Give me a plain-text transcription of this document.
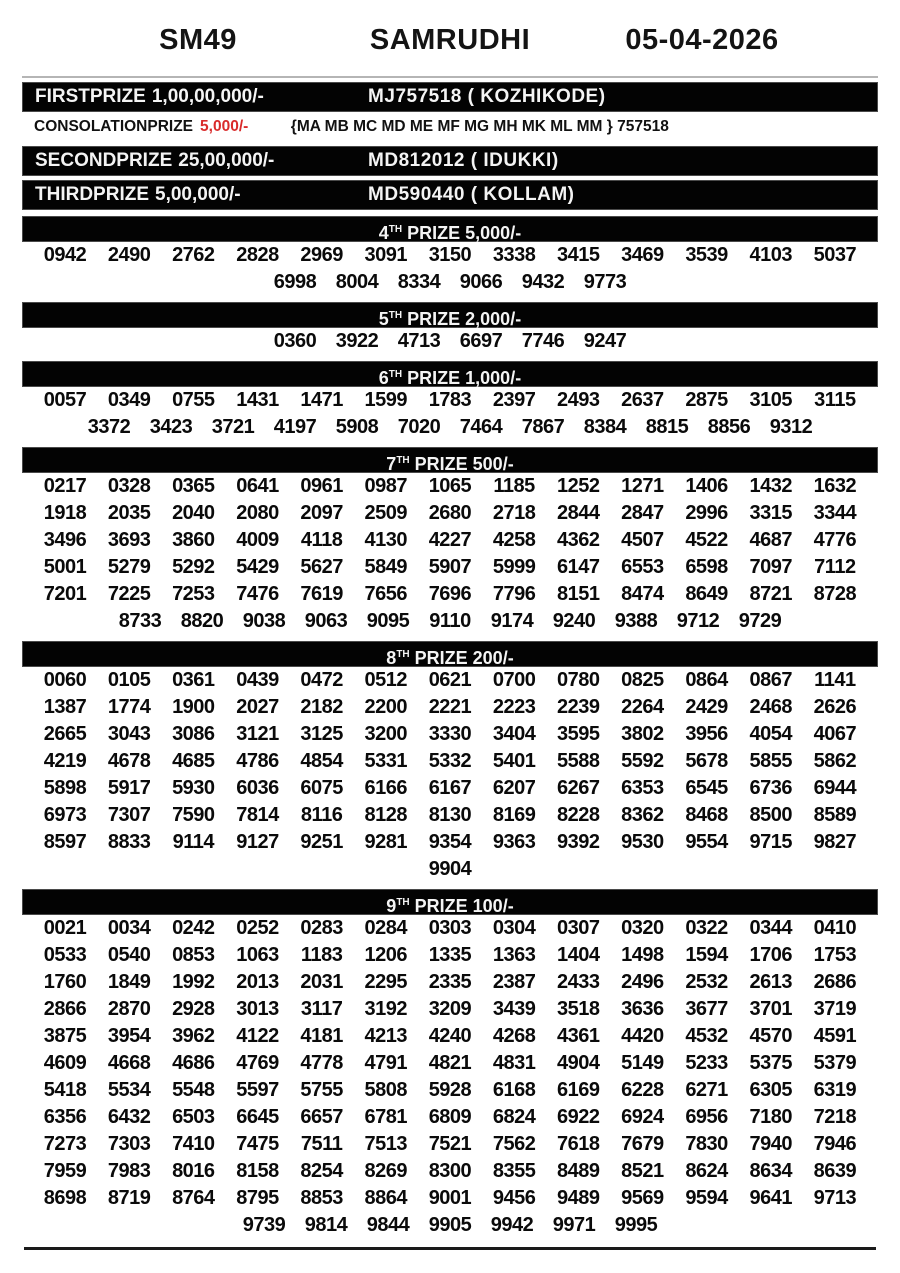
SM49	SAMRUDHI	05-04-2026
FIRSTPRIZE 1,00,00,000/-	MJ757518 ( KOZHIKODE)
CONSOLATIONPRIZE 5,000/-	{MA MB MC MD ME MF MG MH MK ML MM } 757518
SECONDPRIZE 25,00,000/-	MD812012 ( IDUKKI)
THIRDPRIZE 5,00,000/-	MD590440 ( KOLLAM)
4TH PRIZE 5,000/-
0942	2490	2762	2828	2969	3091	3150	3338	3415	3469	3539	4103	5037
6998 8004 8334 9066 9432 9773
5TH PRIZE 2,000/-
0360 3922 4713 6697 7746 9247
6TH PRIZE 1,000/-
0057	0349	0755	1431	1471	1599	1783	2397	2493	2637	2875	3105	3115
3372 3423 3721 4197 5908 7020 7464 7867 8384 8815 8856 9312
7TH PRIZE 500/-
0217	0328	0365	0641	0961	0987	1065	1185	1252	1271	1406	1432	1632
1918	2035	2040	2080	2097	2509	2680	2718	2844	2847	2996	3315	3344
3496	3693	3860	4009	4118	4130	4227	4258	4362	4507	4522	4687	4776
5001	5279	5292	5429	5627	5849	5907	5999	6147	6553	6598	7097	7112
7201	7225	7253	7476	7619	7656	7696	7796	8151	8474	8649	8721	8728
8733 8820 9038 9063 9095	9110	9174 9240 9388 9712 9729
8TH PRIZE 200/-
0060	0105	0361	0439	0472	0512	0621	0700	0780	0825	0864	0867	1141
1387	1774	1900	2027	2182	2200	2221	2223	2239	2264	2429	2468	2626
2665	3043	3086	3121	3125	3200	3330	3404	3595	3802	3956	4054	4067
4219	4678	4685	4786	4854	5331	5332	5401	5588	5592	5678	5855	5862
5898	5917	5930	6036	6075	6166	6167	6207	6267	6353	6545	6736	6944
6973	7307	7590	7814	8116	8128	8130	8169	8228	8362	8468	8500	8589
8597	8833	9114	9127	9251	9281	9354	9363	9392	9530	9554	9715	9827
9904
9TH PRIZE 100/-
0021	0034	0242	0252	0283	0284	0303	0304	0307	0320	0322	0344	0410
0533	0540	0853	1063	1183	1206	1335	1363	1404	1498	1594	1706	1753
1760	1849	1992	2013	2031	2295	2335	2387	2433	2496	2532	2613	2686
2866	2870	2928	3013	3117	3192	3209	3439	3518	3636	3677	3701	3719
3875	3954	3962	4122	4181	4213	4240	4268	4361	4420	4532	4570	4591
4609	4668	4686	4769	4778	4791	4821	4831	4904	5149	5233	5375	5379
5418	5534	5548	5597	5755	5808	5928	6168	6169	6228	6271	6305	6319
6356	6432	6503	6645	6657	6781	6809	6824	6922	6924	6956	7180	7218
7273	7303	7410	7475	7511	7513	7521	7562	7618	7679	7830	7940	7946
7959	7983	8016	8158	8254	8269	8300	8355	8489	8521	8624	8634	8639
8698	8719	8764	8795	8853	8864	9001	9456	9489	9569	9594	9641	9713
9739 9814 9844 9905 9942 9971 9995
